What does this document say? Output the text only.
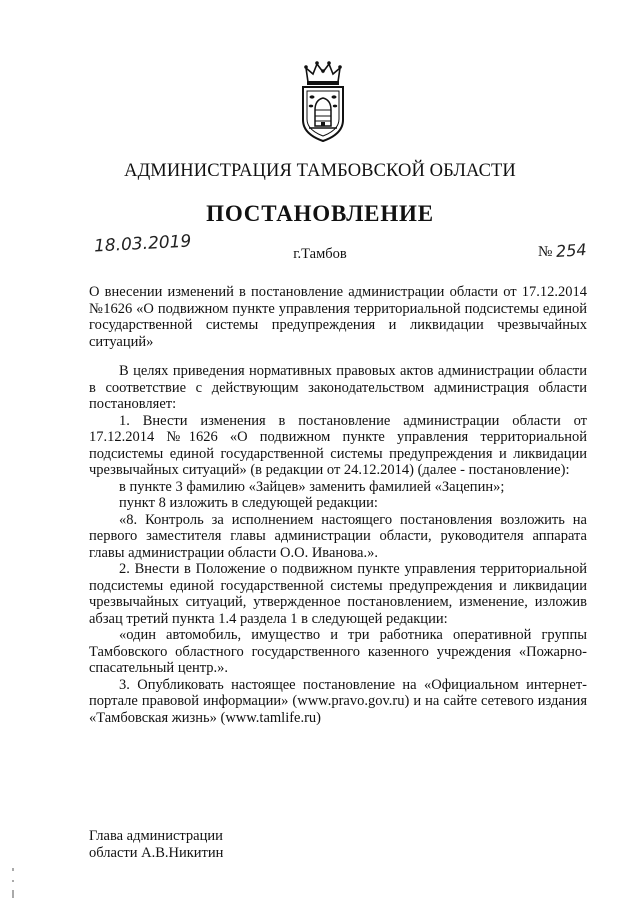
АДМИНИСТРАЦИЯ ТАМБОВСКОЙ ОБЛАСТИ
ПОСТАНОВЛЕНИЕ
18.03.2019	г.Тамбов	№ 254
О внесении изменений в постановление администрации области от 17.12.2014 №1626 «О подвижном пункте управления территориальной подсистемы единой государственной системы предупреждения и ликвидации чрезвычайных ситуаций»

В целях приведения нормативных правовых актов администрации области в соответствие с действующим законодательством администрация области постановляет:

1. Внести изменения в постановление администрации области от 17.12.2014 №1626 «О подвижном пункте управления территориальной подсистемы единой государственной системы предупреждения и ликвидации чрезвычайных ситуаций» (в редакции от 24.12.2014) (далее - постановление):

в пункте 3 фамилию «Зайцев» заменить фамилией «Зацепин»;

пункт 8 изложить в следующей редакции:

«8. Контроль за исполнением настоящего постановления возложить на первого заместителя главы администрации области, руководителя аппарата главы администрации области О.О. Иванова.».

2. Внести в Положение о подвижном пункте управления территориальной подсистемы единой государственной системы предупреждения и ликвидации чрезвычайных ситуаций, утвержденное постановлением, изменение, изложив абзац третий пункта 1.4 раздела 1 в следующей редакции:

«один автомобиль, имущество и три работника оперативной группы Тамбовского областного государственного казенного учреждения «Пожарно-спасательный центр.».

3. Опубликовать настоящее постановление на «Официальном интернет-портале правовой информации» (www.pravo.gov.ru) и на сайте сетевого издания «Тамбовская жизнь» (www.tamlife.ru)

Глава администрации
области А.В.Никитин
